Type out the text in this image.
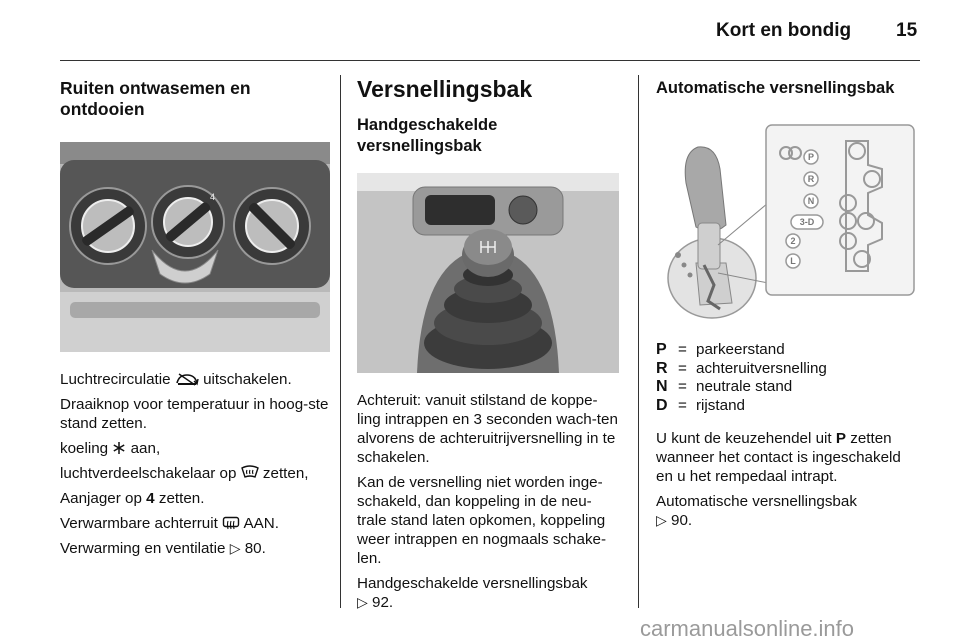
Kort en bondig 15
Ruiten ontwasemen en ontdooien
4

Luchtrecirculatie uitschakelen.

Draaiknop voor temperatuur in hoog-ste stand zetten.

koeling aan,

luchtverdeelschakelaar op zetten,

Aanjager op 4 zetten.

Verwarmbare achterruit AAN.

Verwarming en ventilatie ▷ 80.

Versnellingsbak
Handgeschakelde versnellingsbak

Achteruit: vanuit stilstand de koppe-ling intrappen en 3 seconden wach-ten alvorens de achteruitrijversnelling in te schakelen.

Kan de versnelling niet worden inge-schakeld, dan koppeling in de neu-trale stand laten opkomen, koppeling weer intrappen en nogmaals schake-len.

Handgeschakelde versnellingsbak
▷ 92.

Automatische versnellingsbak
P
R
N
3-D
2
L
P = parkeerstand
R = achteruitversnelling
N = neutrale stand
D = rijstand

U kunt de keuzehendel uit P zetten wanneer het contact is ingeschakeld en u het rempedaal intrapt.

Automatische versnellingsbak
▷ 90.

carmanualsonline.info
